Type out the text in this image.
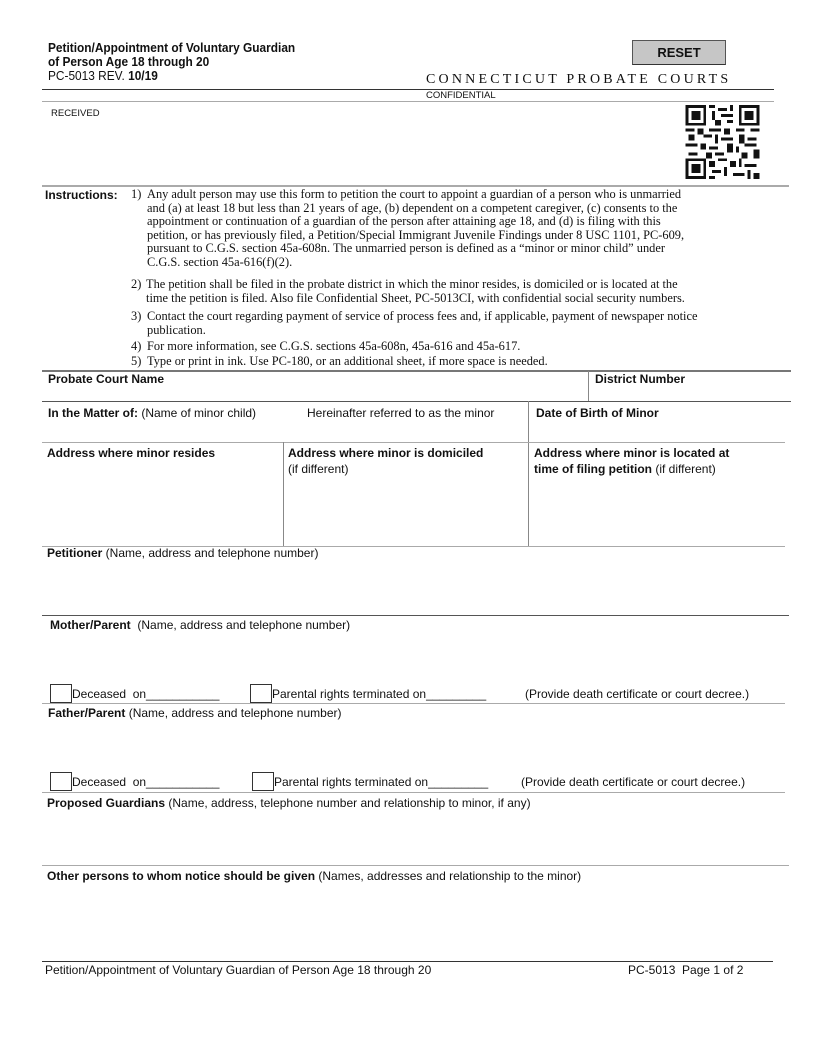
Petition/Appointment of Voluntary Guardian
of Person Age 18 through 20
PC-5013 REV. 10/19
RESET
CONNECTICUT PROBATE COURTS
CONFIDENTIAL
RECEIVED
Instructions: 1) Any adult person may use this form to petition the court to appoint a guardian of a person who is unmarried
and (a) at least 18 but less than 21 years of age, (b) dependent on a competent caregiver, (c) consents to the
appointment or continuation of a guardian of the person after attaining age 18, and (d) is filing with this
petition, or has previously filed, a Petition/Special Immigrant Juvenile Findings under 8 USC 1101, PC-609,
pursuant to C.G.S. section 45a-608n. The unmarried person is defined as a “minor or minor child” under
C.G.S. section 45a-616(f)(2).
2) The petition shall be filed in the probate district in which the minor resides, is domiciled or is located at the
time the petition is filed. Also file Confidential Sheet, PC-5013CI, with confidential social security numbers.
3) Contact the court regarding payment of service of process fees and, if applicable, payment of newspaper notice
publication.
4) For more information, see C.G.S. sections 45a-608n, 45a-616 and 45a-617.
5) Type or print in ink. Use PC-180, or an additional sheet, if more space is needed.
Probate Court Name	District Number
In the Matter of: (Name of minor child)	Hereinafter referred to as the minor	Date of Birth of Minor
Address where minor resides	Address where minor is domiciled
(if different)
Address where minor is located at
time of filing petition (if different)
Petitioner (Name, address and telephone number)
Mother/Parent  (Name, address and telephone number)
Deceased  on___________	Parental rights terminated on_________	(Provide death certificate or court decree.)
Father/Parent (Name, address and telephone number)
Deceased  on___________	Parental rights terminated on_________	(Provide death certificate or court decree.)
Proposed Guardians (Name, address, telephone number and relationship to minor, if any)
Other persons to whom notice should be given (Names, addresses and relationship to the minor)
Petition/Appointment of Voluntary Guardian of Person Age 18 through 20	PC-5013  Page 1 of 2
